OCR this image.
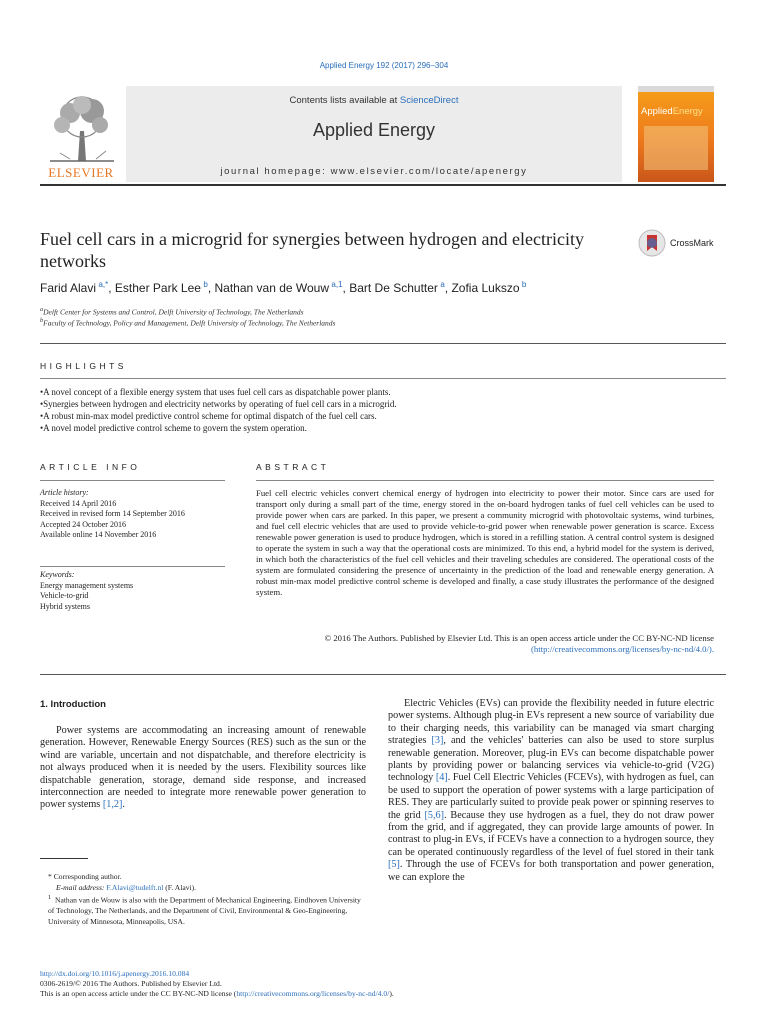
Applied Energy 192 (2017) 296–304
Contents lists available at ScienceDirect
Applied Energy
journal homepage: www.elsevier.com/locate/apenergy
ELSEVIER
AppliedEnergy
Fuel cell cars in a microgrid for synergies between hydrogen and electricity networks
CrossMark
Farid Alavi  $^{a,*}$, Esther Park Lee  $^b$, Nathan van de Wouw  $^{a,1}$, Bart De Schutter  $^a$, Zofia Lukszo  $^b$
$^a$Delft Center for Systems and Control, Delft University of Technology, The Netherlands
$^b$Faculty of Technology, Policy and Management, Delft University of Technology, The Netherlands
HIGHLIGHTS
• A novel concept of a flexible energy system that uses fuel cell cars as dispatchable power plants.
• Synergies between hydrogen and electricity networks by operating of fuel cell cars in a microgrid.
• A robust min-max model predictive control scheme for optimal dispatch of the fuel cell cars.
• A novel model predictive control scheme to govern the system operation.
ARTICLE INFO
Article history:
Received 14 April 2016
Received in revised form 14 September 2016
Accepted 24 October 2016
Available online 14 November 2016
Keywords:
Energy management systems
Vehicle-to-grid
Hybrid systems
ABSTRACT
Fuel cell electric vehicles convert chemical energy of hydrogen into electricity to power their motor. Since cars are used for transport only during a small part of the time, energy stored in the on-board hydrogen tanks of fuel cell vehicles can be used to provide power when cars are parked. In this paper, we present a community microgrid with photovoltaic systems, wind turbines, and fuel cell electric vehicles that are used to provide vehicle-to-grid power when renewable power generation is scarce. Excess renewable power generation is used to produce hydrogen, which is stored in a refilling station. A central control system is designed to operate the system in such a way that the operational costs are minimized. To this end, a hybrid model for the system is derived, in which both the characteristics of the fuel cell vehicles and their traveling schedules are considered. The operational costs of the system are formulated considering the presence of uncertainty in the prediction of the load and renewable energy generation. A robust min-max model predictive control scheme is developed and finally, a case study illustrates the performance of the designed system.
© 2016 The Authors. Published by Elsevier Ltd. This is an open access article under the CC BY-NC-ND license
(http://creativecommons.org/licenses/by-nc-nd/4.0/).
1. Introduction

Power systems are accommodating an increasing amount of renewable generation. However, Renewable Energy Sources (RES) such as the sun or the wind are variable, uncertain and not dispatchable, and therefore electricity is not always produced when it is needed by the users. Flexibility sources like dispatchable generation, storage, demand side response, and increased interconnection are needed to integrate more renewable power generation to power systems [1,2].

Electric Vehicles (EVs) can provide the flexibility needed in future electric power systems. Although plug-in EVs represent a new source of variability due to their charging needs, this variability can be managed via smart charging strategies [3], and the vehicles' batteries can also be used to store surplus renewable generation. Moreover, plug-in EVs can become dispatchable power plants by providing power or balancing services via vehicle-to-grid (V2G) technology [4]. Fuel Cell Electric Vehicles (FCEVs), with hydrogen as fuel, can be used to support the operation of power systems with a large participation of RES. They are particularly suited to provide peak power or spinning reserves to the grid [5,6]. Because they use hydrogen as a fuel, they do not draw power from the grid, and if aggregated, they can provide large amounts of power. In contrast to plug-in EVs, if FCEVs have a connection to a hydrogen source, they can be operated continuously regardless of the level of fuel stored in their tank [5]. Through the use of FCEVs for both transportation and power generation, we can explore the

* Corresponding author.
E-mail address: F.Alavi@tudelft.nl (F. Alavi).
$^1$ Nathan van de Wouw is also with the Department of Mechanical Engineering, Eindhoven University of Technology, The Netherlands, and the Department of Civil, Environmental & Geo-Engineering, University of Minnesota, Minneapolis, USA.
http://dx.doi.org/10.1016/j.apenergy.2016.10.084
0306-2619/© 2016 The Authors. Published by Elsevier Ltd.
This is an open access article under the CC BY-NC-ND license (http://creativecommons.org/licenses/by-nc-nd/4.0/).
